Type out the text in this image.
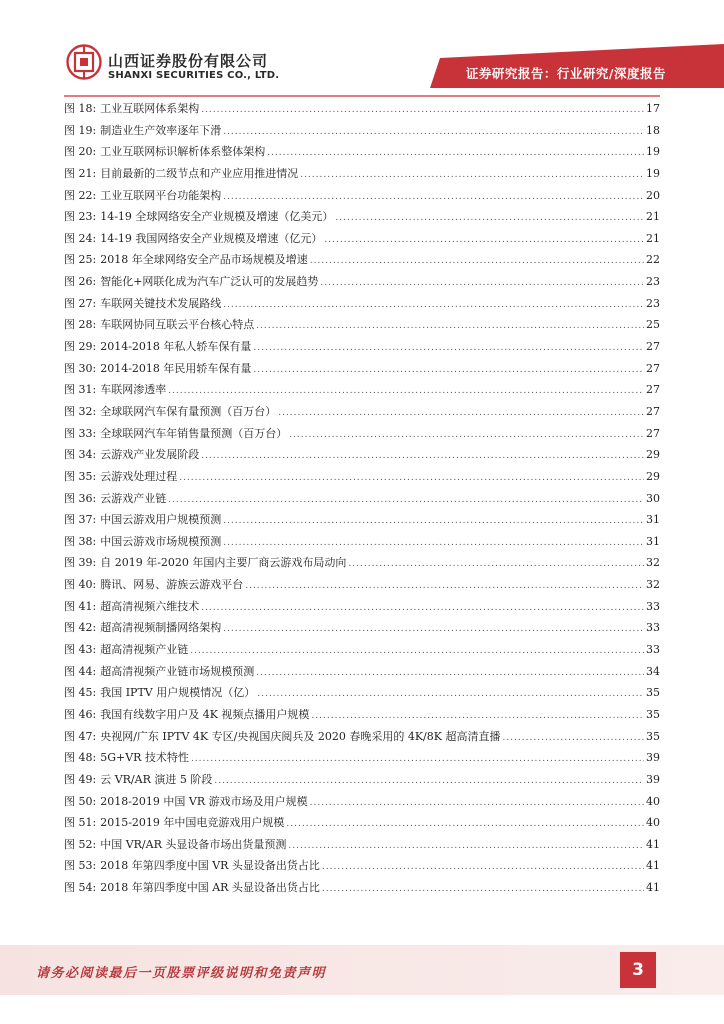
证券研究报告：行业研究/深度报告
山西证券股份有限公司
SHANXI SECURITIES CO., LTD.
图 18: 工业互联网体系架构 .....	17
图 19: 制造业生产效率逐年下滑 .....	18
图 20: 工业互联网标识解析体系整体架构 .....	19
图 21: 目前最新的二级节点和产业应用推进情况 .....	19
图 22: 工业互联网平台功能架构 .....	20
图 23: 14-19 全球网络安全产业规模及增速（亿美元） .....	21
图 24: 14-19 我国网络安全产业规模及增速（亿元） .....	21
图 25: 2018 年全球网络安全产品市场规模及增速 .....	22
图 26: 智能化+网联化成为汽车广泛认可的发展趋势 .....	23
图 27: 车联网关键技术发展路线 .....	23
图 28: 车联网协同互联云平台核心特点 .....	25
图 29: 2014-2018 年私人轿车保有量 .....	27
图 30: 2014-2018 年民用轿车保有量 .....	27
图 31: 车联网渗透率 .....	27
图 32: 全球联网汽车保有量预测（百万台） .....	27
图 33: 全球联网汽车年销售量预测（百万台） .....	27
图 34: 云游戏产业发展阶段 .....	29
图 35: 云游戏处理过程 .....	29
图 36: 云游戏产业链 .....	30
图 37: 中国云游戏用户规模预测 .....	31
图 38: 中国云游戏市场规模预测 .....	31
图 39: 自 2019 年-2020 年国内主要厂商云游戏布局动向 .....	32
图 40: 腾讯、网易、游族云游戏平台 .....	32
图 41: 超高清视频六维技术 .....	33
图 42: 超高清视频制播网络架构 .....	33
图 43: 超高清视频产业链 .....	33
图 44: 超高清视频产业链市场规模预测 .....	34
图 45: 我国 IPTV 用户规模情况（亿） .....	35
图 46: 我国有线数字用户及 4K 视频点播用户规模 .....	35
图 47: 央视网/广东 IPTV 4K 专区/央视国庆阅兵及 2020 春晚采用的 4K/8K 超高清直播 .....	35
图 48: 5G+VR 技术特性 .....	39
图 49: 云 VR/AR 演进 5 阶段 .....	39
图 50: 2018-2019 中国 VR 游戏市场及用户规模 .....	40
图 51: 2015-2019 年中国电竞游戏用户规模 .....	40
图 52: 中国 VR/AR 头显设备市场出货量预测 .....	41
图 53: 2018 年第四季度中国 VR 头显设备出货占比 .....	41
图 54: 2018 年第四季度中国 AR 头显设备出货占比 .....	41
请务必阅读最后一页股票评级说明和免责声明	3
